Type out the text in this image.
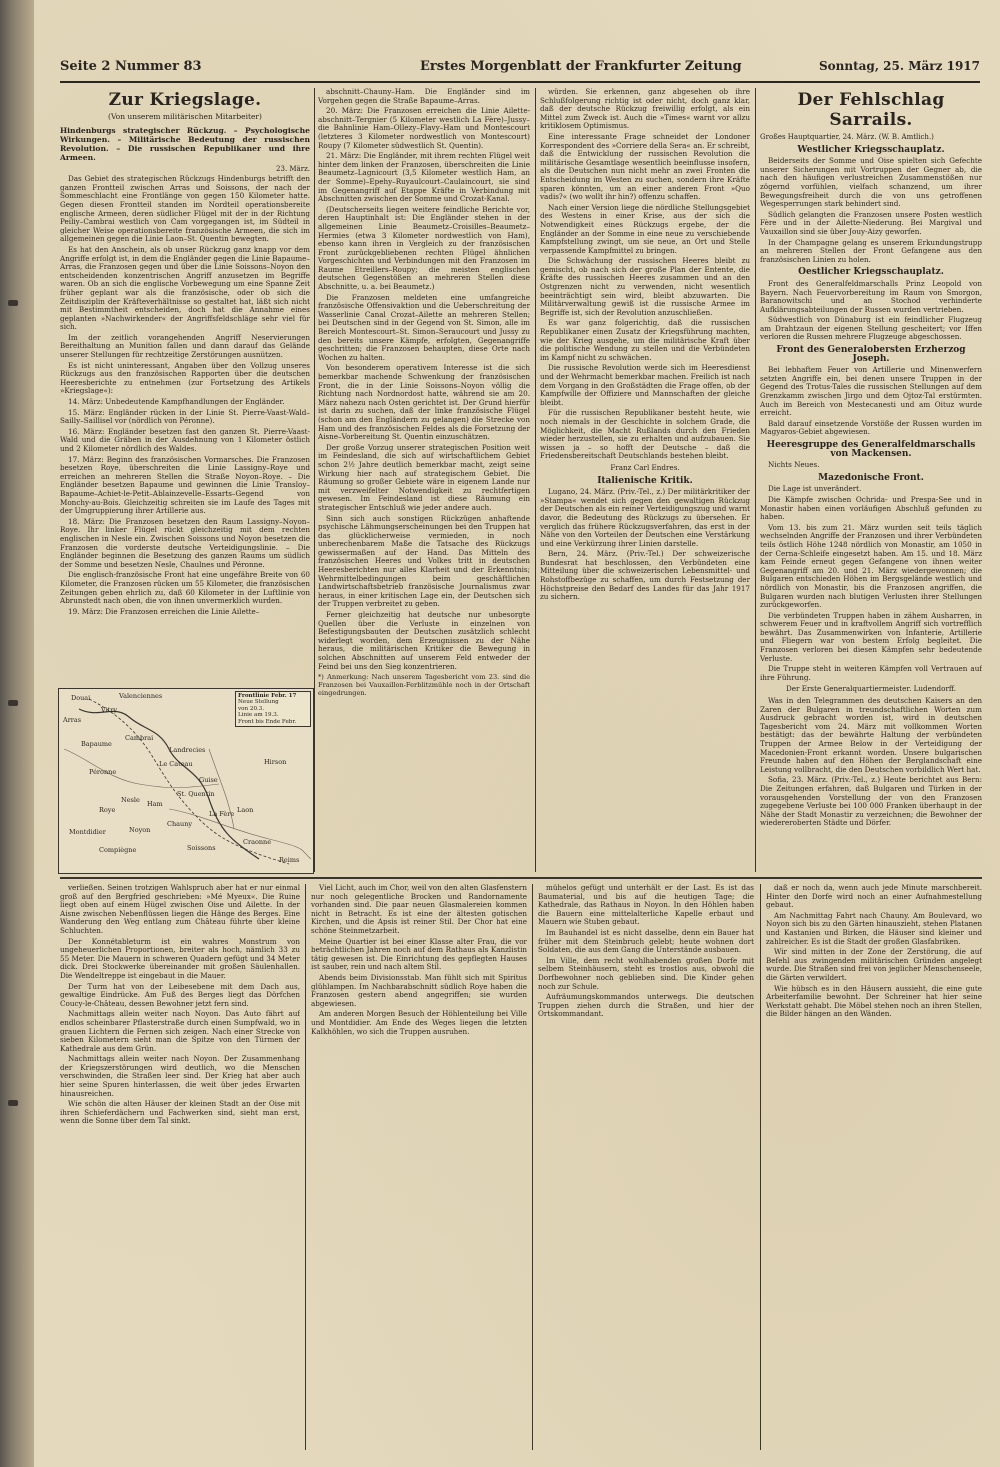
Seite 2 Nummer 83	Erstes Morgenblatt der Frankfurter Zeitung	Sonntag, 25. März 1917
Zur Kriegslage.
(Von unserem militärischen Mitarbeiter)
Hindenburgs strategischer Rückzug. – Psychologische Wirkungen. – Militärische Bedeutung der russischen Revolution. – Die russischen Republikaner und ihre Armeen.
23. März.

Das Gebiet des strategischen Rückzugs Hindenburgs betrifft den ganzen Frontteil zwischen Arras und Soissons, der nach der Sommeschlacht eine Frontlänge von gegen 150 Kilometer hatte. Gegen diesen Frontteil standen im Nordteil operationsbereite englische Armeen, deren südlicher Flügel mit der in der Richtung Peiliy–Cambrai westlich von Cam vorgegangen ist, im Südteil in gleicher Weise operationsbereite französische Armeen, die sich im allgemeinen gegen die Linie Laon–St. Quentin bewegten.

Es hat den Anschein, als ob unser Rückzug ganz knapp vor dem Angriffe erfolgt ist, in dem die Engländer gegen die Linie Bapaume–Arras, die Franzosen gegen und über die Linie Soissons–Noyon den entscheidenden konzentrischen Angriff anzusetzen im Begriffe waren. Ob an sich die englische Vorbewegung um eine Spanne Zeit früher geplant war als die französische, oder ob sich die Zeitdisziplin der Kräfteverhältnisse so gestaltet hat, läßt sich nicht mit Bestimmtheit entscheiden, doch hat die Annahme eines geplanten »Nachwirkender« der Angriffsfeldschläge sehr viel für sich.

Im der zeitlich vorangehenden Angriff Neservierungen Bereithaltung an Munition fallen und dann darauf das Gelände unserer Stellungen für rechtzeitige Zerstörungen ausnützen.

Es ist nicht uninteressant, Angaben über den Vollzug unseres Rückzugs aus den französischen Rapporten über die deutschen Heeresberichte zu entnehmen (zur Fortsetzung des Artikels »Kriegslage«):

14. März: Unbedeutende Kampfhandlungen der Engländer.

15. März: Engländer rücken in der Linie St. Pierre-Vaast-Wald–Sailly–Saillisel vor (nördlich von Péronne).

16. März: Engländer besetzen fast den ganzen St. Pierre-Vaast-Wald und die Gräben in der Ausdehnung von 1 Kilometer östlich und 2 Kilometer nördlich des Waldes.

17. März: Beginn des französischen Vormarsches. Die Franzosen besetzen Roye, überschreiten die Linie Lassigny–Roye und erreichen an mehreren Stellen die Straße Noyon–Roye. – Die Engländer besetzen Bapaume und gewinnen die Linie Transloy–Bapaume–Achiet-le-Petit–Ablainzevelle–Essarts–Gegend von Monchy-au-Bois. Gleichzeitig schreiten sie im Laufe des Tages mit der Umgruppierung ihrer Artillerie aus.

18. März: Die Franzosen besetzen den Raum Lassigny–Noyon–Roye. Ihr linker Flügel rückt gleichzeitig mit dem rechten englischen in Nesle ein. Zwischen Soissons und Noyon besetzen die Franzosen die vorderste deutsche Verteidigungslinie. – Die Engländer beginnen die Besetzung des ganzen Raums um südlich der Somme und besetzen Nesle, Chaulnes und Péronne.

Die englisch-französische Front hat eine ungefähre Breite von 60 Kilometer, die Franzosen rücken um 55 Kilometer, die französischen Zeitungen geben ehrlich zu, daß 60 Kilometer in der Luftlinie von Abrunstedt nach oben, die von ihnen unvermerklich wurden.

19. März: Die Franzosen erreichen die Linie Ailette–

Douai	Valenciennes
Arras
Vitry
Cambrai
Bapaume
Landrecies
Péronne
Le Cateau
Guise
St. Quentin
Ham
Roye
Nesle
Hirson
Chauny
Noyon
La Fère Laon
Soissons
Reims
Compiègne
Montdidier
Craonne
Frontlinie Febr. 17
Neue Stellung
von 20.3.
Linie am 19.3.
Front bis Ende Febr.

abschnitt–Chauny–Ham. Die Engländer sind im Vorgehen gegen die Straße Bapaume–Arras.

20. März: Die Franzosen erreichen die Linie Ailette-abschnitt–Tergnier (5 Kilometer westlich La Fère)–Jussy–die Bahnlinie Ham–Ollezy–Flavy–Ham und Montescourt (letzteres 3 Kilometer nordwestlich von Montescourt) Roupy (7 Kilometer südwestlich St. Quentin).

21. März: Die Engländer, mit ihrem rechten Flügel weit hinter dem linken der Franzosen, überschreiten die Linie Beaumetz–Lagnicourt (3,5 Kilometer westlich Ham, an der Somme)–Epehy–Ruyaulcourt–Caulaincourt, sie sind im Gegenangriff auf Etappe Kräfte in Verbindung mit Abschnitten zwischen der Somme und Crozat-Kanal.

(Deutscherseits liegen weitere feindliche Berichte vor, deren Hauptinhalt ist: Die Engländer stehen in der allgemeinen Linie Beaumetz–Croisilles–Beaumetz–Hermies (etwa 3 Kilometer nordwestlich von Ham), ebenso kann ihren in Vergleich zu der französischen Front zurückgebliebenen rechten Flügel ähnlichen Vorgeschichten und Verbindungen mit den Franzosen im Raume Etreillers–Roupy; die meisten englischen deutschen Gegenstößen an mehreren Stellen diese Abschnitte, u. a. bei Beaumetz.)

Die Franzosen meldeten eine umfangreiche französische Offensivaktion und die Ueberschreitung der Wasserlinie Canal Crozat–Ailette an mehreren Stellen; bei Deutschen sind in der Gegend von St. Simon, alle im Bereich Montescourt–St. Simon–Seraucourt und Jussy zu den bereits unsere Kämpfe, erfolgten, Gegenangriffe geschritten; die Franzosen behaupten, diese Orte nach Wochen zu halten.

Von besonderem operativem Interesse ist die sich bemerkbar machende Schwenkung der französischen Front, die in der Linie Soissons–Noyon völlig die Richtung nach Nordnordost hatte, während sie am 20. März nahezu nach Osten gerichtet ist. Der Grund hierfür ist darin zu suchen, daß der linke französische Flügel (schon am den Engländern zu gelangen) die Strecke von Ham und des französischen Feldes als die Forsetzung der Aisne–Vorbereitung St. Quentin einzuschätzen.

Der große Vorzug unserer strategischen Position weit im Feindesland, die sich auf wirtschaftlichem Gebiet schon 2½ Jahre deutlich bemerkbar macht, zeigt seine Wirkung hier nach auf strategischem Gebiet. Die Räumung so großer Gebiete wäre in eigenem Lande nur mit verzweifelter Notwendigkeit zu rechtfertigen gewesen. Im Feindesland ist diese Räumung ein strategischer Entschluß wie jeder andere auch.

Sinn sich auch sonstigen Rückzügen anhaftende psychische Lähmungserscheinungen bei den Truppen hat das glücklicherweise vermieden, in noch unberechenbarem Maße die Tatsache des Rückzugs gewissermaßen auf der Hand. Das Mitteln des französischen Heeres und Volkes tritt in deutschen Heeresberichten nur alles Klarheit und der Erkenntnis; Wehrmittelbedingungen beim geschäftlichen Landwirtschaftsbetrieb französische Journalismus zwar heraus, in einer kritischen Lage ein, der Deutschen sich der Truppen verbreitet zu geben.

Ferner gleichzeitig hat deutsche nur unbesorgte Quellen über die Verluste in einzelnen von Befestigungsbauten der Deutschen zusätzlich schlecht widerlegt worden, dem Erzeugnissen zu der Nähe heraus, die militärischen Kritiker die Bewegung in solchen Abschnitten auf unserem Feld entweder der Feind bei uns den Sieg konzentrieren.

*) Anmerkung: Nach unserem Tagesbericht vom 23. sind die Franzosen bei Vauxaillon-Ferblitzmühle noch in der Ortschaft eingedrungen.

würden. Sie erkennen, ganz abgesehen ob ihre Schlußfolgerung richtig ist oder nicht, doch ganz klar, daß der deutsche Rückzug freiwillig erfolgt, als ein Mittel zum Zweck ist. Auch die »Times« warnt vor allzu kritiklosem Optimismus.

Eine interessante Frage schneidet der Londoner Korrespondent des »Corriere della Sera« an. Er schreibt, daß die Entwicklung der russischen Revolution die militärische Gesamtlage wesentlich beeinflusse insofern, als die Deutschen nun nicht mehr an zwei Fronten die Entscheidung im Westen zu suchen, sondern ihre Kräfte sparen könnten, um an einer anderen Front »Quo vadis?« (wo wollt ihr hin?) offenzu schaffen.

Nach einer Version liege die nördliche Stellungsgebiet des Westens in einer Krise, aus der sich die Notwendigkeit eines Rückzugs ergebe, der die Engländer an der Somme in eine neue zu verschiebende Kampfstellung zwingt, um sie neue, an Ort und Stelle verpassende Kampfmittel zu bringen.

Die Schwächung der russischen Heeres bleibt zu gemischt, ob nach sich der große Plan der Entente, die Kräfte des russischen Heeres zusammen und an den Ostgrenzen nicht zu verwenden, nicht wesentlich beeinträchtigt sein wird, bleibt abzuwarten. Die Militärverwaltung gewiß ist die russische Armee im Begriffe ist, sich der Revolution anzuschließen.

Es war ganz folgerichtig, daß die russischen Republikaner einen Zusatz der Kriegsführung machten, wie der Krieg ausgehe, um die militärische Kraft über die politische Wendung zu stellen und die Verbündeten im Kampf nicht zu schwächen.

Die russische Revolution werde sich im Heeresdienst und der Wehrmacht bemerkbar machen. Freilich ist nach dem Vorgang in den Großstädten die Frage offen, ob der Kampfwille der Offiziere und Mannschaften der gleiche bleibt.

Für die russischen Republikaner besteht heute, wie noch niemals in der Geschichte in solchem Grade, die Möglichkeit, die Macht Rußlands durch den Frieden wieder herzustellen, sie zu erhalten und aufzubauen. Sie wissen ja – so hofft der Deutsche – daß die Friedensbereitschaft Deutschlands bestehen bleibt.

Franz Carl Endres.
Italienische Kritik.

Lugano, 24. März. (Priv.-Tel., z.) Der militärkritiker der »Stampa« wendet sich gegen den gewaltigen Rückzug der Deutschen als ein reiner Verteidigungszug und warnt davor, die Bedeutung des Rückzugs zu übersehen. Er verglich das frühere Rückzugsverfahren, das erst in der Nähe von den Vorteilen der Deutschen eine Verstärkung und eine Verkürzung ihrer Linien darstelle.

Bern, 24. März. (Priv.-Tel.) Der schweizerische Bundesrat hat beschlossen, den Verbündeten eine Mitteilung über die schweizerischen Lebensmittel- und Rohstoffbezüge zu schaffen, um durch Festsetzung der Höchstpreise den Bedarf des Landes für das Jahr 1917 zu sichern.

Der Fehlschlag Sarrails.
Großes Hauptquartier, 24. März. (W. B. Amtlich.)
Westlicher Kriegsschauplatz.

Beiderseits der Somme und Oise spielten sich Gefechte unserer Sicherungen mit Vortruppen der Gegner ab, die nach den häufigen verlustreichen Zusammenstößen nur zögernd vorfühlen, vielfach schanzend, um ihrer Bewegungsfreiheit durch die von uns getroffenen Wegesperrungen stark behindert sind.

Südlich gelangten die Franzosen unsere Posten westlich Fère und in der Ailette-Niederung. Bei Margival und Vauxaillon sind sie über Jouy-Aizy geworfen.

In der Champagne gelang es unserem Erkundungstrupp an mehreren Stellen der Front Gefangene aus den französischen Linien zu holen.

Oestlicher Kriegsschauplatz.

Front des Generalfeldmarschalls Prinz Leopold von Bayern. Nach Feuervorbereitung im Raum von Smorgon, Baranowitschi und an Stochod verhinderte Aufklärungsabteilungen der Russen wurden vertrieben.

Südwestlich von Dünaburg ist ein feindlicher Flugzeug am Drahtzaun der eigenen Stellung gescheitert; vor Iffen verloren die Russen mehrere Flugzeuge abgeschossen.

Front des Generalobersten Erzherzog Joseph.

Bei lebhaftem Feuer von Artillerie und Minenwerfern setzten Angriffe ein, bei denen unsere Truppen in der Gegend des Trotus-Tales die russischen Stellungen auf dem Grenzkamm zwischen Jirgo und dem Ojtoz-Tal erstürmten. Auch im Bereich von Mestecanesti und am Oituz wurde erreicht.

Bald darauf einsetzende Vorstöße der Russen wurden im Magyaros-Gebiet abgewiesen.

Heeresgruppe des Generalfeldmarschalls von Mackensen.

Nichts Neues.

Mazedonische Front.

Die Lage ist unverändert.

Die Kämpfe zwischen Ochrida- und Prespa-See und in Monastir haben einen vorläufigen Abschluß gefunden zu haben.

Vom 13. bis zum 21. März wurden seit teils täglich wechselnden Angriffe der Franzosen und ihrer Verbündeten teils östlich Höhe 1248 nördlich von Monastir, am 1050 in der Cerna-Schleife eingesetzt haben. Am 15. und 18. März kam Feinde erneut gegen Gefangene von ihnen weiter Gegenangriff am 20. und 21. März wiedergewonnen; die Bulgaren entschieden Höhen im Bergsgelände westlich und nördlich von Monastir, bis die Franzosen angriffen, die Bulgaren wurden nach blutigen Verlusten ihrer Stellungen zurückgeworfen.

Die verbündeten Truppen haben in zähem Ausharren, in schwerem Feuer und in kraftvollem Angriff sich vortrefflich bewährt. Das Zusammenwirken von Infanterie, Artillerie und Fliegern war von bestem Erfolg begleitet. Die Franzosen verloren bei diesen Kämpfen sehr bedeutende Verluste.

Die Truppe steht in weiteren Kämpfen voll Vertrauen auf ihre Führung.

Der Erste Generalquartiermeister. Ludendorff.

Was in den Telegrammen des deutschen Kaisers an den Zaren der Bulgaren in treundschaftlichen Worten zum Ausdruck gebracht worden ist, wird in deutschen Tagesbericht vom 24. März mit vollkommen Worten bestätigt: das der bewährte Haltung der verbündeten Truppen der Armee Below in der Verteidigung der Macedonien-Front erkannt worden. Unsere bulgarischen Freunde haben auf den Höhen der Berglandschaft eine Leistung vollbracht, die den Deutschen vorbildlich Wert hat.

Sofia, 23. März. (Priv.-Tel., z.) Heute berichtet aus Bern: Die Zeitungen erfahren, daß Bulgaren und Türken in der vorausgehenden Vorstellung der von den Franzosen zugegebene Verluste bei 100 000 Franken überhaupt in der Nähe der Stadt Monastir zu verzeichnen; die Bewohner der wiedereroberten Städte und Dörfer.

verließen. Seinen trotzigen Wahlspruch aber hat er nur einmal groß auf den Bergfried geschrieben: »Mé Myeux«. Die Ruine liegt oben auf einem Hügel zwischen Oise und Ailette. In der Aisne zwischen Nebenflüssen liegen die Hänge des Berges. Eine Wanderung den Weg entlang zum Château führte über kleine Schluchten.

Der Konnétableturm ist ein wahres Monstrum von ungeheuerlichen Proportionen, breiter als hoch, nämlich 33 zu 55 Meter. Die Mauern in schweren Quadern gefügt und 34 Meter dick. Drei Stockwerke übereinander mit großen Säulenhallen. Die Wendeltreppe ist eingebaut in die Mauer.

Der Turm hat von der Leibesebene mit dem Dach aus, gewaltige Eindrücke. Am Fuß des Berges liegt das Dörfchen Coucy-le-Château, dessen Bewohner jetzt fern sind.

Nachmittags allein weiter nach Noyon. Das Auto fährt auf endlos scheinbarer Pflasterstraße durch einen Sumpfwald, wo in grauen Lichtern die Fernen sich zeigen. Nach einer Strecke von sieben Kilometern sieht man die Spitze von den Türmen der Kathedrale aus dem Grün.

Nachmittags allein weiter nach Noyon. Der Zusammenhang der Kriegszerstörungen wird deutlich, wo die Menschen verschwinden, die Straßen leer sind. Der Krieg hat aber auch hier seine Spuren hinterlassen, die weit über jedes Erwarten hinausreichen.

Wie schön die alten Häuser der kleinen Stadt an der Oise mit ihren Schieferdächern und Fachwerken sind, sieht man erst, wenn die Sonne über dem Tal sinkt.

Viel Licht, auch im Chor, weil von den alten Glasfenstern nur noch gelegentliche Brocken und Randornamente vorhanden sind. Die paar neuen Glasmalereien kommen nicht in Betracht. Es ist eine der ältesten gotischen Kirchen, und die Apsis ist reiner Stil. Der Chor hat eine schöne Steinmetzarbeit.

Meine Quartier ist bei einer Klasse alter Frau, die vor beträchtlichen Jahren noch auf dem Rathaus als Kanzlistin tätig gewesen ist. Die Einrichtung des gepflegten Hauses ist sauber, rein und nach altem Stil.

Abends beim Divisionsstab. Man fühlt sich mit Spiritus glühlampen. Im Nachbarabschnitt südlich Roye haben die Franzosen gestern abend angegriffen; sie wurden abgewiesen.

Am anderen Morgen Besuch der Höhlenteilung bei Ville und Montdidier. Am Ende des Weges liegen die letzten Kalkhöhlen, wo sich die Truppen ausruhen.

mühelos gefügt und unterhält er der Last. Es ist das Baumaterial, und bis auf die heutigen Tage; die Kathedrale, das Rathaus in Noyon. In den Höhlen haben die Bauern eine mittelalterliche Kapelle erbaut und Mauern wie Stuben gebaut.

Im Bauhandel ist es nicht dasselbe, denn ein Bauer hat früher mit dem Steinbruch gelebt; heute wohnen dort Soldaten, die aus dem Gang die Unterstände ausbauen.

Im Ville, dem recht wohlhabenden großen Dorfe mit selbem Steinhäusern, steht es trostlos aus, obwohl die Dorfbewohner noch geblieben sind. Die Kinder gehen noch zur Schule.

Aufräumungskommandos unterwegs. Die deutschen Truppen ziehen durch die Straßen, und hier der Ortskommandant.

daß er noch da, wenn auch jede Minute marschbereit. Hinter den Dorfe wird noch an einer Aufnahmestellung gebaut.

Am Nachmittag Fahrt nach Chauny. Am Boulevard, wo Noyon sich bis zu den Gärten hinauszieht, stehen Platanen und Kastanien und Birken, die Häuser sind kleiner und zahlreicher. Es ist die Stadt der großen Glasfabriken.

Wir sind mitten in der Zone der Zerstörung, die auf Befehl aus zwingenden militärischen Gründen angelegt wurde. Die Straßen sind frei von jeglicher Menschenseele, die Gärten verwildert.

Wie hübsch es in den Häusern aussieht, die eine gute Arbeiterfamilie bewohnt. Der Schreiner hat hier seine Werkstatt gehabt. Die Möbel stehen noch an ihren Stellen, die Bilder hängen an den Wänden.
